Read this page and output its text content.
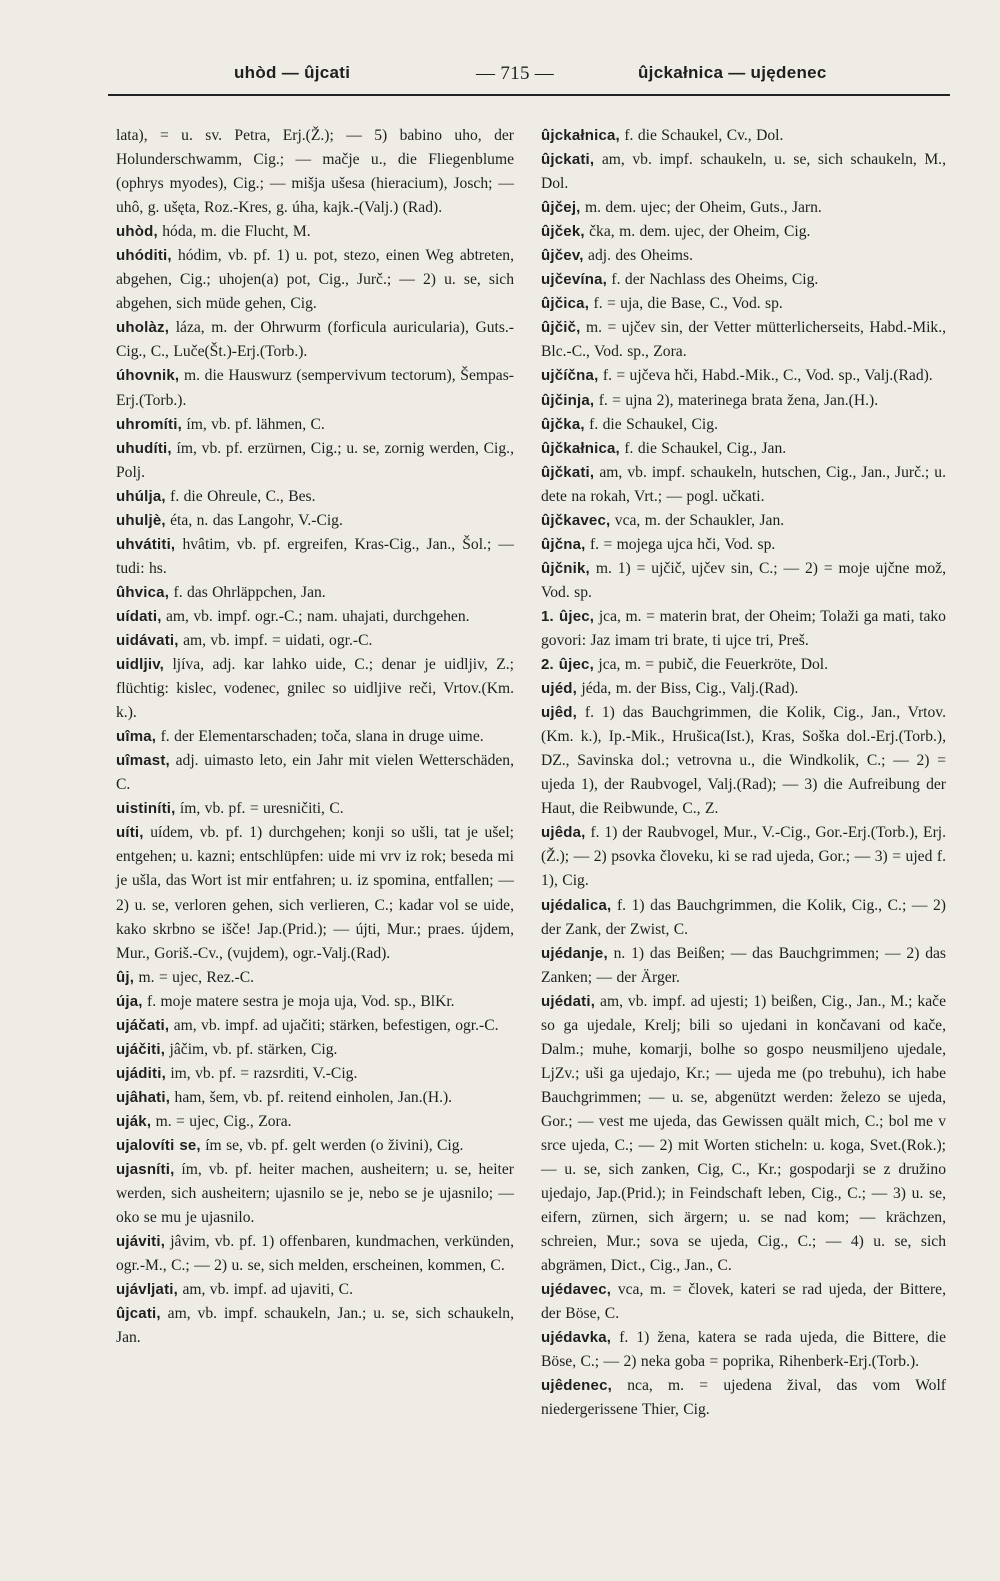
uhòd — ûjcati	— 715 —	ûjckałnica — ujędenec

lata), = u. sv. Petra, Erj.(Ž.); — 5) babino uho, der Holunderschwamm, Cig.; — mačje u., die Fliegenblume (ophrys myodes), Cig.; — mišja ušesa (hieracium), Josch; — uhô, g. ušęta, Roz.-Kres, g. úha, kajk.-(Valj.) (Rad).

uhòd, hóda, m. die Flucht, M.

uhóditi, hódim, vb. pf. 1) u. pot, stezo, einen Weg abtreten, abgehen, Cig.; uhojen(a) pot, Cig., Jurč.; — 2) u. se, sich abgehen, sich müde gehen, Cig.

uholàz, láza, m. der Ohrwurm (forficula auricularia), Guts.-Cig., C., Luče(Št.)-Erj.(Torb.).

úhovnik, m. die Hauswurz (sempervivum tectorum), Šempas-Erj.(Torb.).

uhromíti, ím, vb. pf. lähmen, C.

uhudíti, ím, vb. pf. erzürnen, Cig.; u. se, zornig werden, Cig., Polj.

uhúlja, f. die Ohreule, C., Bes.

uhuljè, éta, n. das Langohr, V.-Cig.

uhvátiti, hvâtim, vb. pf. ergreifen, Kras-Cig., Jan., Šol.; — tudi: hs.

ûhvica, f. das Ohrläppchen, Jan.

uídati, am, vb. impf. ogr.-C.; nam. uhajati, durchgehen.

uidávati, am, vb. impf. = uidati, ogr.-C.

uidljiv, ljíva, adj. kar lahko uide, C.; denar je uidljiv, Z.; flüchtig: kislec, vodenec, gnilec so uidljive reči, Vrtov.(Km. k.).

uîma, f. der Elementarschaden; toča, slana in druge uime.

uîmast, adj. uimasto leto, ein Jahr mit vielen Wetterschäden, C.

uistiníti, ím, vb. pf. = uresničiti, C.

uíti, uídem, vb. pf. 1) durchgehen; konji so ušli, tat je ušel; entgehen; u. kazni; entschlüpfen: uide mi vrv iz rok; beseda mi je ušla, das Wort ist mir entfahren; u. iz spomina, entfallen; — 2) u. se, verloren gehen, sich verlieren, C.; kadar vol se uide, kako skrbno se išče! Jap.(Prid.); — újti, Mur.; praes. újdem, Mur., Goriš.-Cv., (vujdem), ogr.-Valj.(Rad).

ûj, m. = ujec, Rez.-C.

úja, f. moje matere sestra je moja uja, Vod. sp., BlKr.

ujáčati, am, vb. impf. ad ujačiti; stärken, befestigen, ogr.-C.

ujáčiti, jâčim, vb. pf. stärken, Cig.

ujáditi, im, vb. pf. = razsrditi, V.-Cig.

ujâhati, ham, šem, vb. pf. reitend einholen, Jan.(H.).

uják, m. = ujec, Cig., Zora.

ujalovíti se, ím se, vb. pf. gelt werden (o živini), Cig.

ujasníti, ím, vb. pf. heiter machen, ausheitern; u. se, heiter werden, sich ausheitern; ujasnilo se je, nebo se je ujasnilo; — oko se mu je ujasnilo.

ujáviti, jâvim, vb. pf. 1) offenbaren, kundmachen, verkünden, ogr.-M., C.; — 2) u. se, sich melden, erscheinen, kommen, C.

ujávljati, am, vb. impf. ad ujaviti, C.

ûjcati, am, vb. impf. schaukeln, Jan.; u. se, sich schaukeln, Jan.

ûjckałnica, f. die Schaukel, Cv., Dol.

ûjckati, am, vb. impf. schaukeln, u. se, sich schaukeln, M., Dol.

ûjčej, m. dem. ujec; der Oheim, Guts., Jarn.

ûjček, čka, m. dem. ujec, der Oheim, Cig.

ûjčev, adj. des Oheims.

ujčevína, f. der Nachlass des Oheims, Cig.

ûjčica, f. = uja, die Base, C., Vod. sp.

ûjčič, m. = ujčev sin, der Vetter mütterlicherseits, Habd.-Mik., Blc.-C., Vod. sp., Zora.

ujčíčna, f. = ujčeva hči, Habd.-Mik., C., Vod. sp., Valj.(Rad).

ûjčinja, f. = ujna 2), materinega brata žena, Jan.(H.).

ûjčka, f. die Schaukel, Cig.

ûjčkałnica, f. die Schaukel, Cig., Jan.

ûjčkati, am, vb. impf. schaukeln, hutschen, Cig., Jan., Jurč.; u. dete na rokah, Vrt.; — pogl. učkati.

ûjčkavec, vca, m. der Schaukler, Jan.

ûjčna, f. = mojega ujca hči, Vod. sp.

ûjčnik, m. 1) = ujčič, ujčev sin, C.; — 2) = moje ujčne mož, Vod. sp.

1. ûjec, jca, m. = materin brat, der Oheim; Tolaži ga mati, tako govori: Jaz imam tri brate, ti ujce tri, Preš.

2. ûjec, jca, m. = pubič, die Feuerkröte, Dol.

ujéd, jéda, m. der Biss, Cig., Valj.(Rad).

ujêd, f. 1) das Bauchgrimmen, die Kolik, Cig., Jan., Vrtov.(Km. k.), Ip.-Mik., Hrušica(Ist.), Kras, Soška dol.-Erj.(Torb.), DZ., Savinska dol.; vetrovna u., die Windkolik, C.; — 2) = ujeda 1), der Raubvogel, Valj.(Rad); — 3) die Aufreibung der Haut, die Reibwunde, C., Z.

ujêda, f. 1) der Raubvogel, Mur., V.-Cig., Gor.-Erj.(Torb.), Erj.(Ž.); — 2) psovka človeku, ki se rad ujeda, Gor.; — 3) = ujed f. 1), Cig.

ujédalica, f. 1) das Bauchgrimmen, die Kolik, Cig., C.; — 2) der Zank, der Zwist, C.

ujédanje, n. 1) das Beißen; — das Bauchgrimmen; — 2) das Zanken; — der Ärger.

ujédati, am, vb. impf. ad ujesti; 1) beißen, Cig., Jan., M.; kače so ga ujedale, Krelj; bili so ujedani in končavani od kače, Dalm.; muhe, komarji, bolhe so gospo neusmiljeno ujedale, LjZv.; uši ga ujedajo, Kr.; — ujeda me (po trebuhu), ich habe Bauchgrimmen; — u. se, abgenützt werden: železo se ujeda, Gor.; — vest me ujeda, das Gewissen quält mich, C.; bol me v srce ujeda, C.; — 2) mit Worten sticheln: u. koga, Svet.(Rok.); — u. se, sich zanken, Cig, C., Kr.; gospodarji se z družino ujedajo, Jap.(Prid.); in Feindschaft leben, Cig., C.; — 3) u. se, eifern, zürnen, sich ärgern; u. se nad kom; — krächzen, schreien, Mur.; sova se ujeda, Cig., C.; — 4) u. se, sich abgrämen, Dict., Cig., Jan., C.

ujédavec, vca, m. = človek, kateri se rad ujeda, der Bittere, der Böse, C.

ujédavka, f. 1) žena, katera se rada ujeda, die Bittere, die Böse, C.; — 2) neka goba = poprika, Rihenberk-Erj.(Torb.).

ujêdenec, nca, m. = ujedena žival, das vom Wolf niedergerissene Thier, Cig.
